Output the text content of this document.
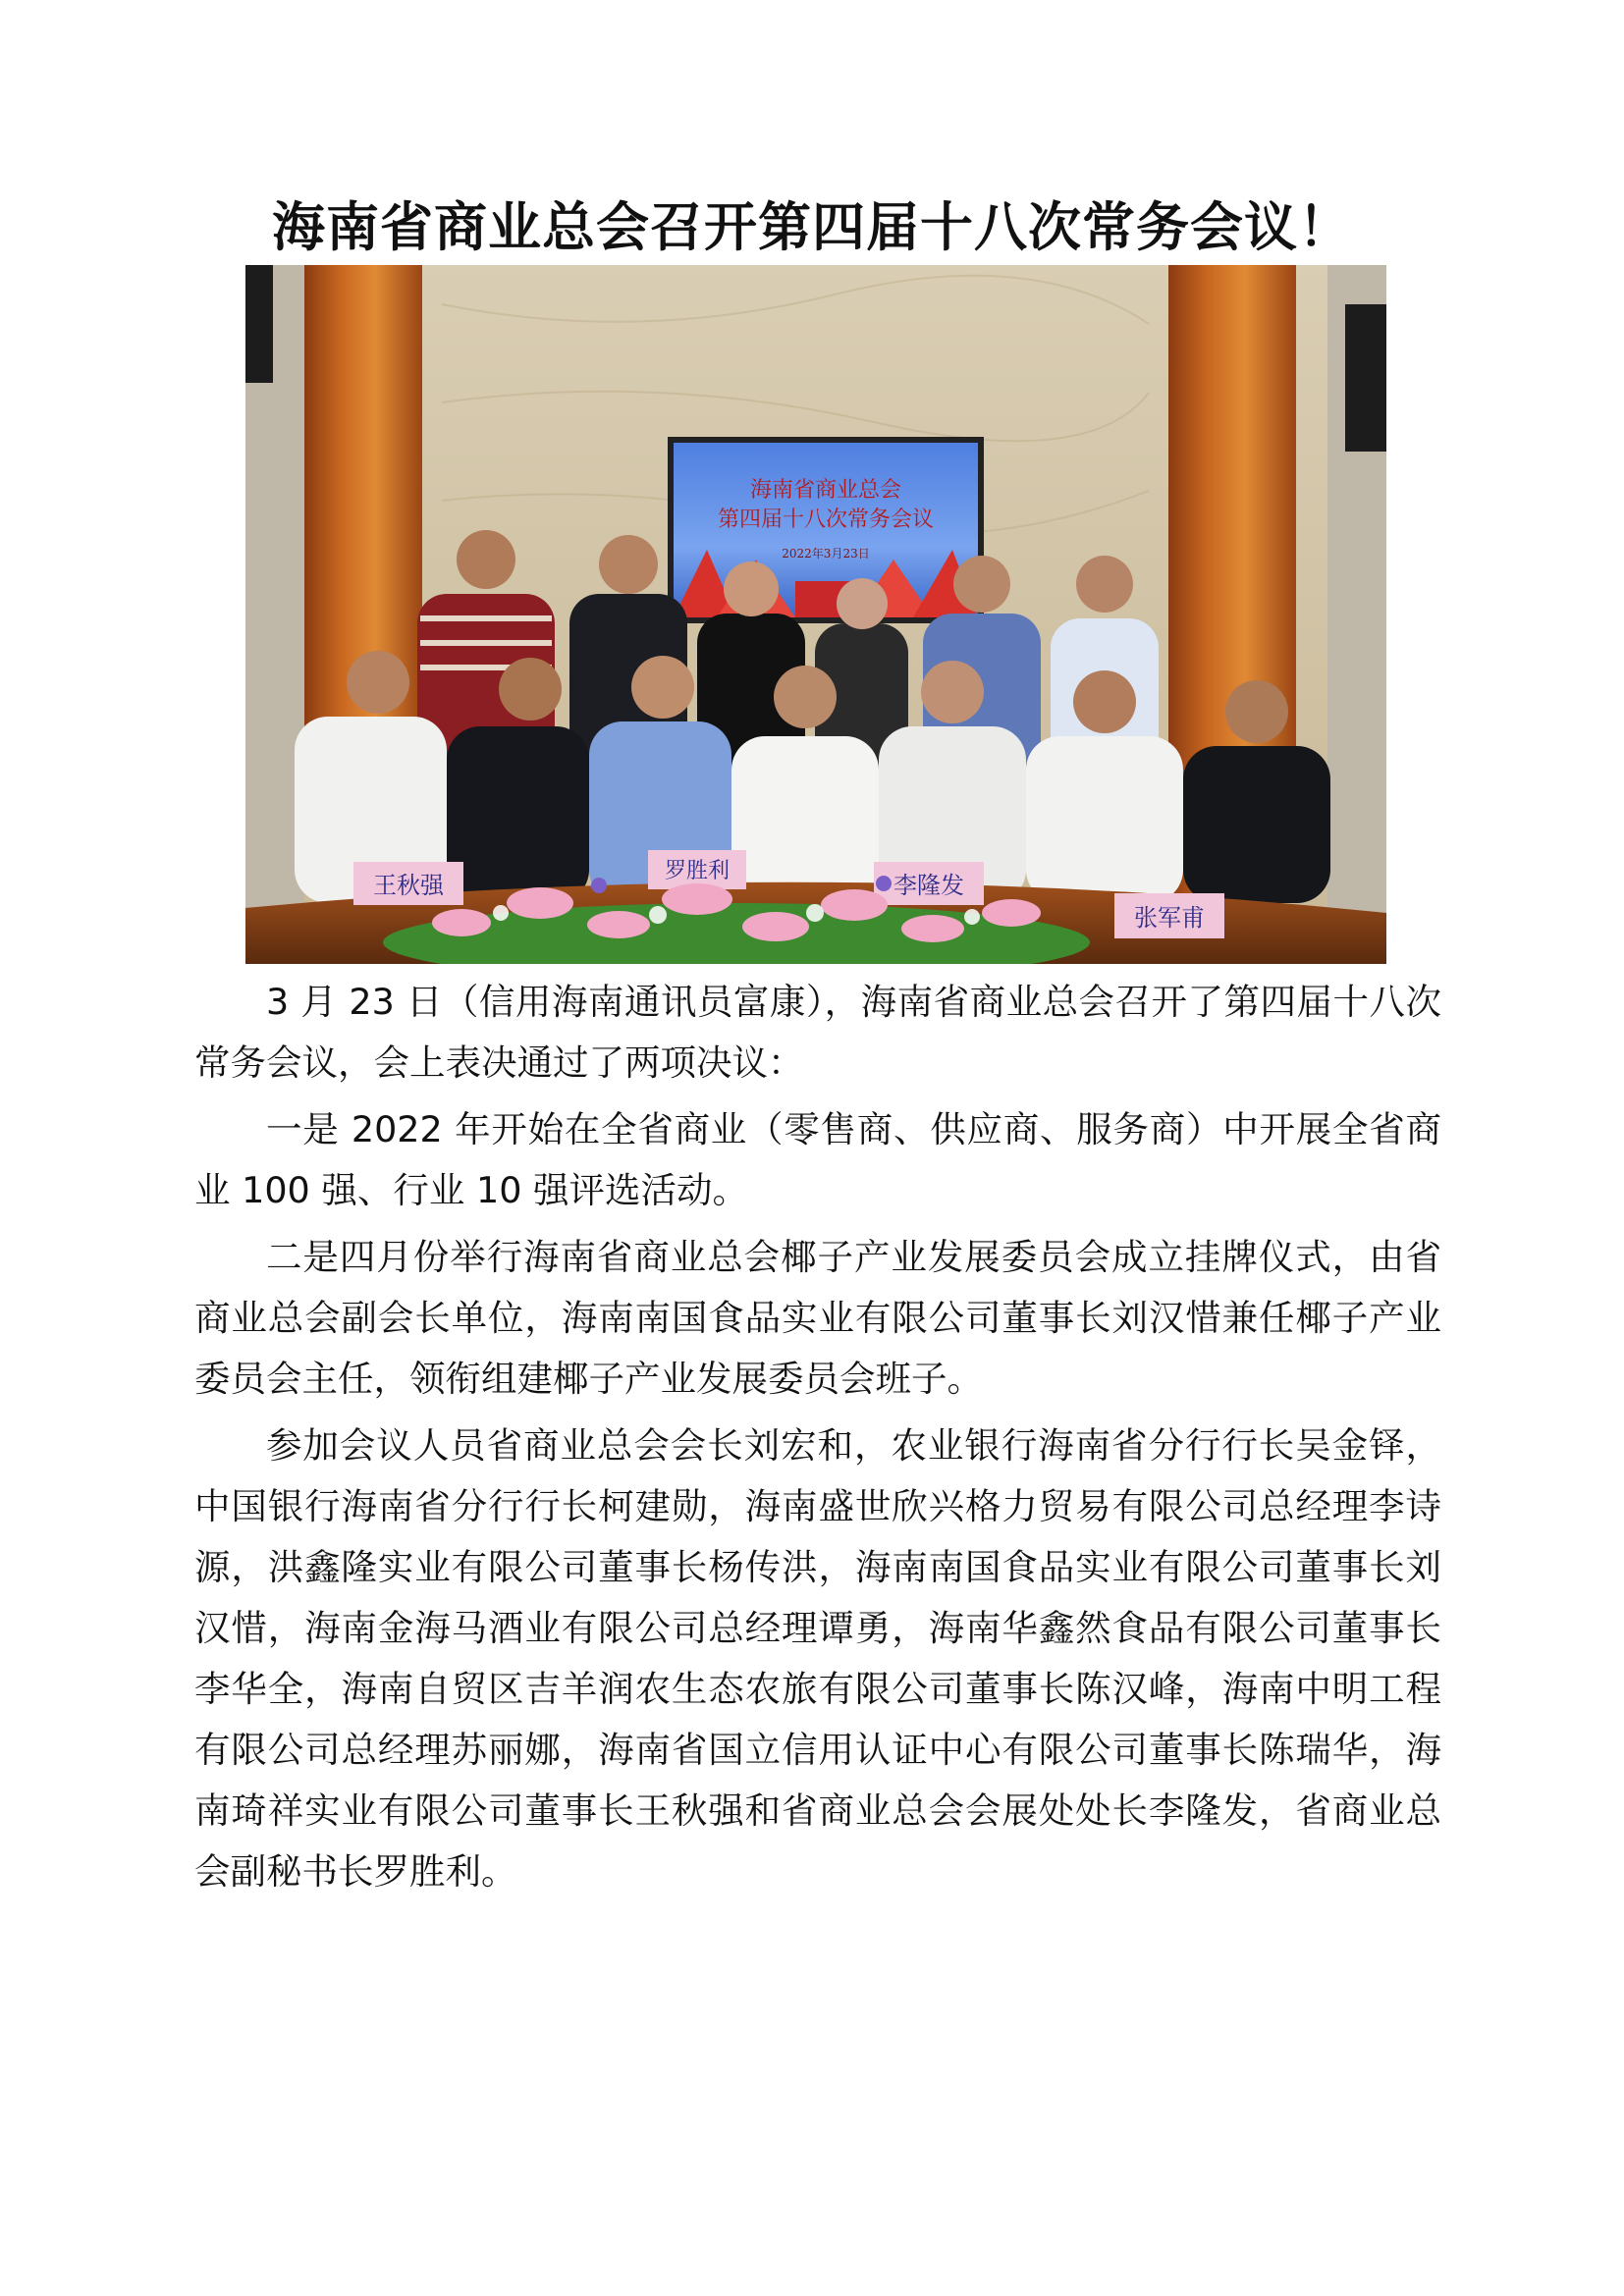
海南省商业总会召开第四届十八次常务会议！
海南省商业总会
第四届十八次常务会议
2022年3月23日
王秋强
罗胜利
李隆发
张军甫

3 月 23 日（信用海南通讯员富康），海南省商业总会召开了第四届十八次常务会议，会上表决通过了两项决议：

一是 2022 年开始在全省商业（零售商、供应商、服务商）中开展全省商业 100 强、行业 10 强评选活动。

二是四月份举行海南省商业总会椰子产业发展委员会成立挂牌仪式，由省商业总会副会长单位，海南南国食品实业有限公司董事长刘汉惜兼任椰子产业委员会主任，领衔组建椰子产业发展委员会班子。

参加会议人员省商业总会会长刘宏和，农业银行海南省分行行长吴金铎，中国银行海南省分行行长柯建勋，海南盛世欣兴格力贸易有限公司总经理李诗源，洪鑫隆实业有限公司董事长杨传洪，海南南国食品实业有限公司董事长刘汉惜，海南金海马酒业有限公司总经理谭勇，海南华鑫然食品有限公司董事长李华全，海南自贸区吉羊润农生态农旅有限公司董事长陈汉峰，海南中明工程有限公司总经理苏丽娜，海南省国立信用认证中心有限公司董事长陈瑞华，海南琦祥实业有限公司董事长王秋强和省商业总会会展处处长李隆发，省商业总会副秘书长罗胜利。
